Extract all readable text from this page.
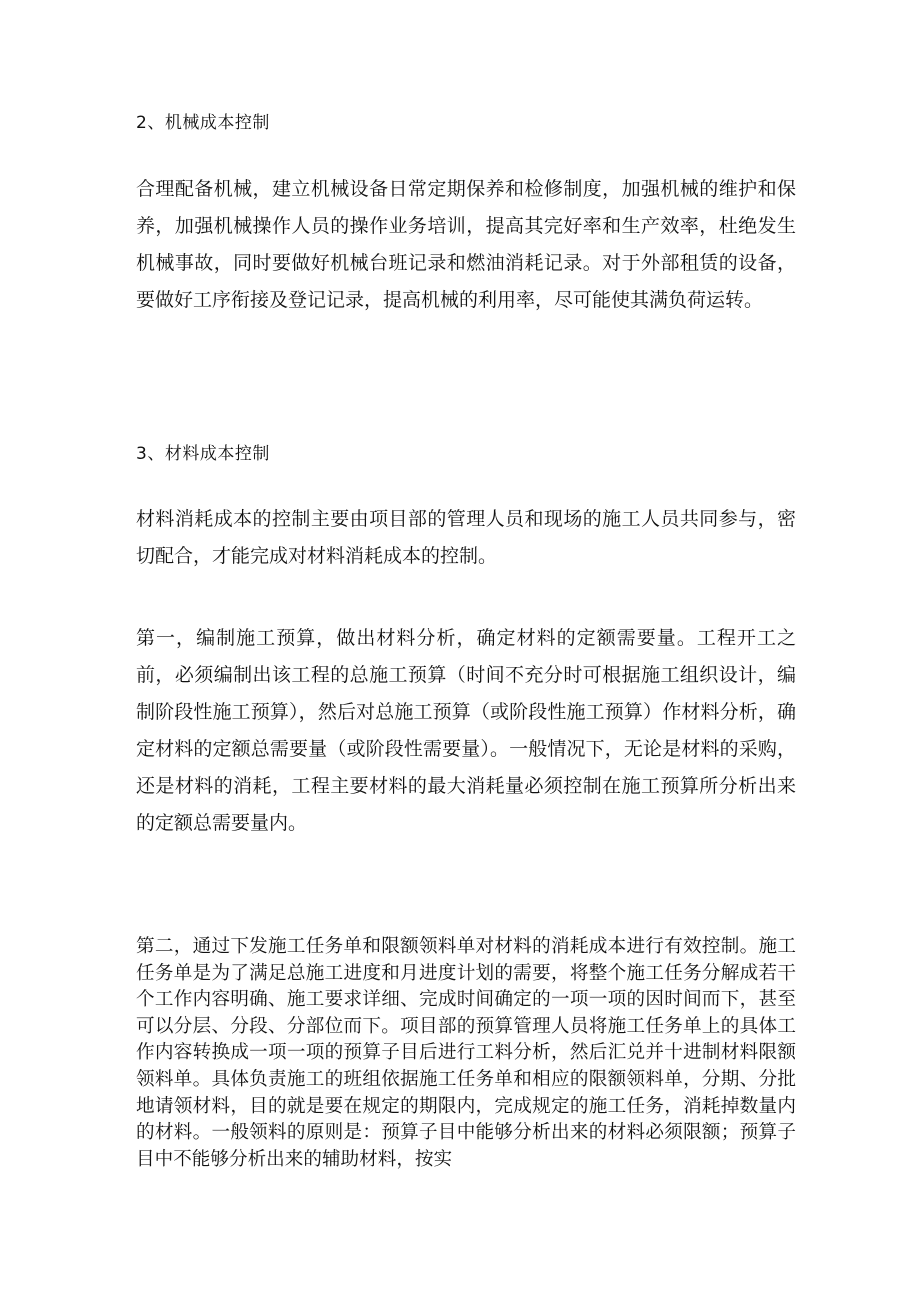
2、机械成本控制

合理配备机械，建立机械设备日常定期保养和检修制度，加强机械的维护和保养，加强机械操作人员的操作业务培训，提高其完好率和生产效率，杜绝发生机械事故，同时要做好机械台班记录和燃油消耗记录。对于外部租赁的设备，要做好工序衔接及登记记录，提高机械的利用率，尽可能使其满负荷运转。

3、材料成本控制

材料消耗成本的控制主要由项目部的管理人员和现场的施工人员共同参与，密切配合，才能完成对材料消耗成本的控制。

第一，编制施工预算，做出材料分析，确定材料的定额需要量。工程开工之前，必须编制出该工程的总施工预算（时间不充分时可根据施工组织设计，编制阶段性施工预算），然后对总施工预算（或阶段性施工预算）作材料分析，确定材料的定额总需要量（或阶段性需要量）。一般情况下，无论是材料的采购，还是材料的消耗，工程主要材料的最大消耗量必须控制在施工预算所分析出来的定额总需要量内。

第二，通过下发施工任务单和限额领料单对材料的消耗成本进行有效控制。施工任务单是为了满足总施工进度和月进度计划的需要，将整个施工任务分解成若干个工作内容明确、施工要求详细、完成时间确定的一项一项的因时间而下，甚至可以分层、分段、分部位而下。项目部的预算管理人员将施工任务单上的具体工作内容转换成一项一项的预算子目后进行工料分析，然后汇兑并十进制材料限额领料单。具体负责施工的班组依据施工任务单和相应的限额领料单，分期、分批地请领材料，目的就是要在规定的期限内，完成规定的施工任务，消耗掉数量内的材料。一般领料的原则是：预算子目中能够分析出来的材料必须限额；预算子目中不能够分析出来的辅助材料，按实
